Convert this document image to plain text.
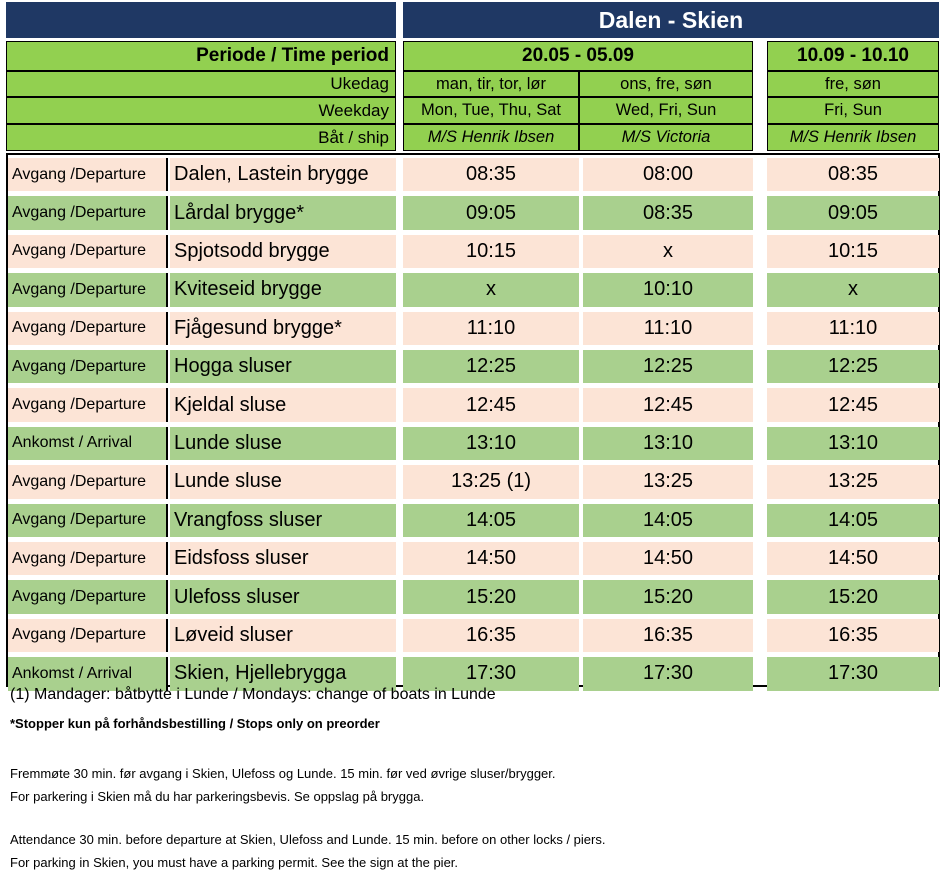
Dalen - Skien
Periode / Time period	20.05 - 05.09	10.09 - 10.10
Ukedag	man, tir, tor, lør	ons, fre, søn	fre, søn
Weekday	Mon, Tue, Thu, Sat	Wed, Fri, Sun	Fri, Sun
Båt / ship	M/S Henrik Ibsen	M/S Victoria	M/S Henrik Ibsen
Avgang /Departure	Dalen, Lastein brygge	08:35	08:00	08:35
Avgang /Departure	Lårdal brygge*	09:05	08:35	09:05
Avgang /Departure	Spjotsodd brygge	10:15	x	10:15
Avgang /Departure	Kviteseid brygge	x	10:10	x
Avgang /Departure	Fjågesund brygge*	11:10	11:10	11:10
Avgang /Departure	Hogga sluser	12:25	12:25	12:25
Avgang /Departure	Kjeldal sluse	12:45	12:45	12:45
Ankomst / Arrival	Lunde sluse	13:10	13:10	13:10
Avgang /Departure	Lunde sluse	13:25 (1)	13:25	13:25
Avgang /Departure	Vrangfoss sluser	14:05	14:05	14:05
Avgang /Departure	Eidsfoss sluser	14:50	14:50	14:50
Avgang /Departure	Ulefoss sluser	15:20	15:20	15:20
Avgang /Departure	Løveid sluser	16:35	16:35	16:35
Ankomst / Arrival	Skien, Hjellebrygga	17:30	17:30	17:30
(1) Mandager: båtbytte i Lunde / Mondays: change of boats in Lunde
*Stopper kun på forhåndsbestilling / Stops only on preorder
Fremmøte 30 min. før avgang i Skien, Ulefoss og Lunde. 15 min. før ved øvrige sluser/brygger.
For parkering i Skien må du har parkeringsbevis. Se oppslag på brygga.
Attendance 30 min. before departure at Skien, Ulefoss and Lunde. 15 min. before on other locks / piers.
For parking in Skien, you must have a parking permit. See the sign at the pier.
